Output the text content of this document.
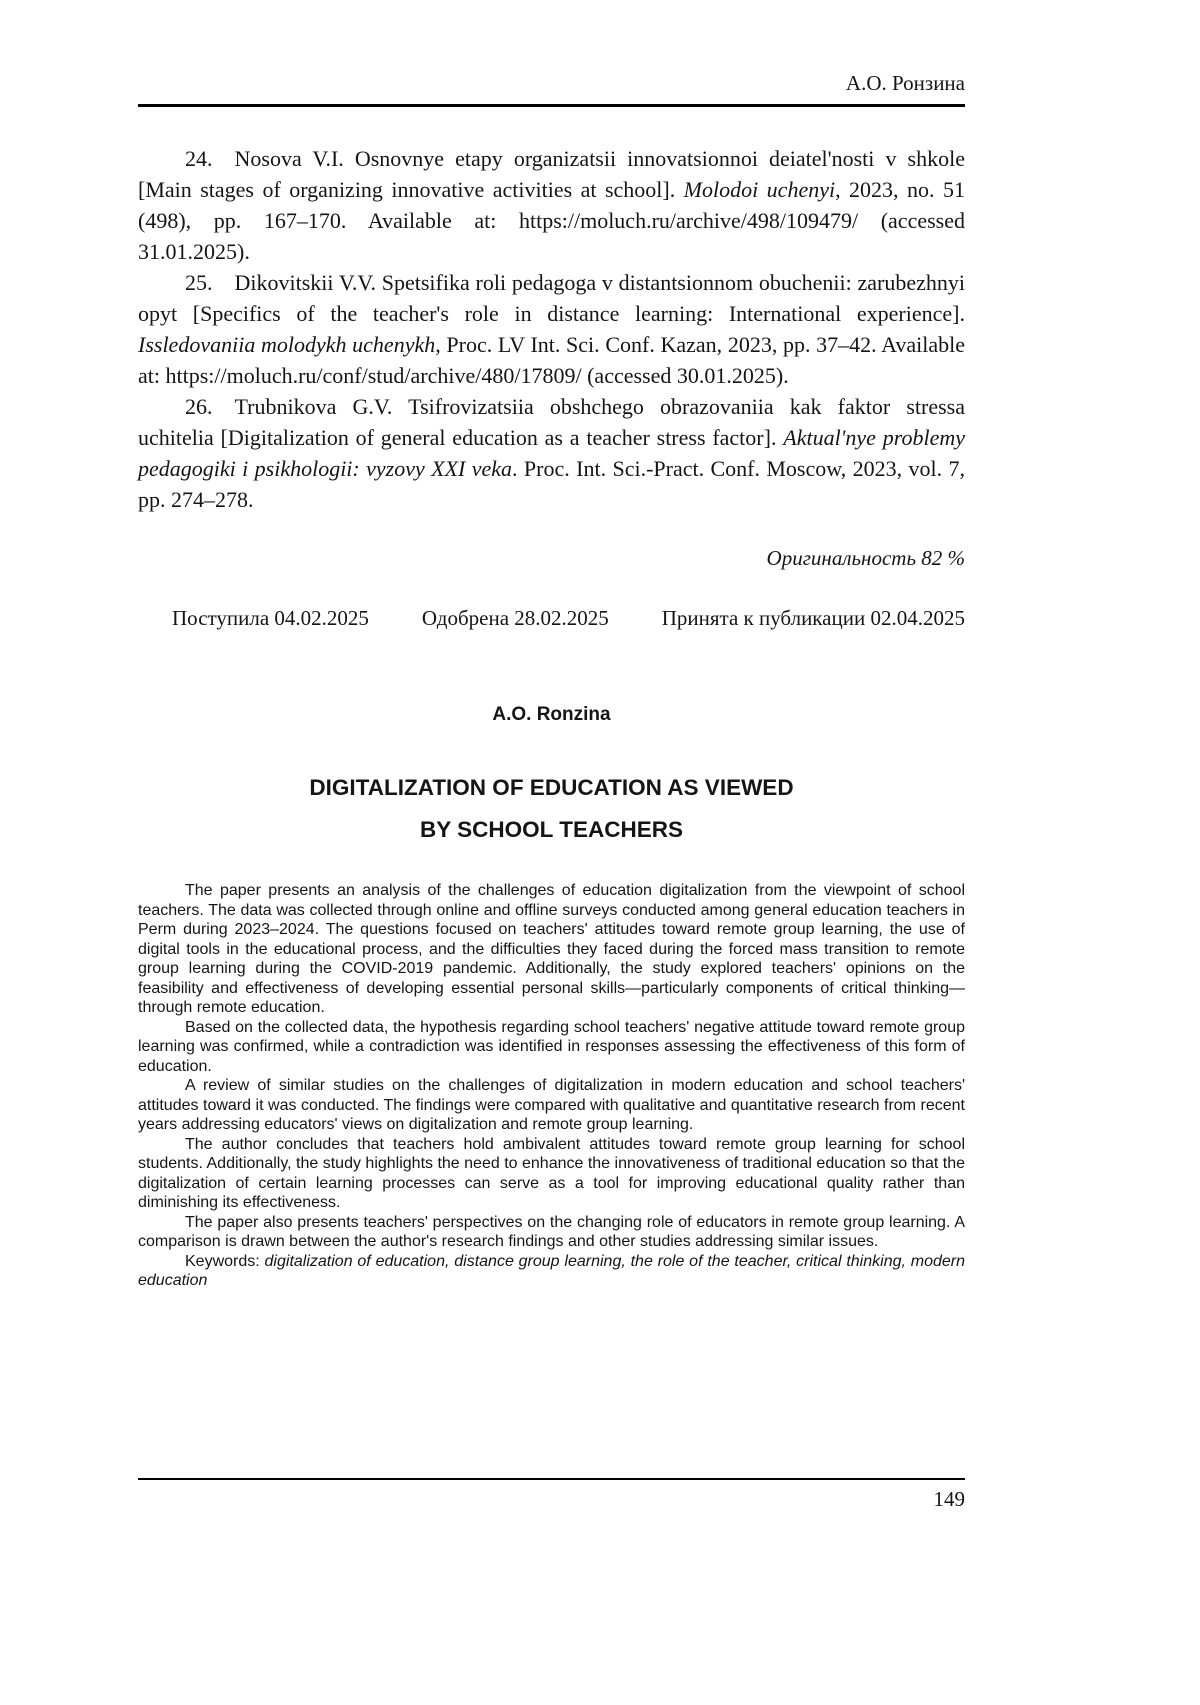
А.О. Ронзина

24. Nosova V.I. Osnovnye etapy organizatsii innovatsionnoi deiatel'nosti v shkole [Main stages of organizing innovative activities at school]. Molodoi uchenyi, 2023, no. 51 (498), pp. 167–170. Available at: https://moluch.ru/archive/498/109479/ (accessed 31.01.2025).

25. Dikovitskii V.V. Spetsifika roli pedagoga v distantsionnom obuchenii: zarubezhnyi opyt [Specifics of the teacher's role in distance learning: International experience]. Issledovaniia molodykh uchenykh, Proc. LV Int. Sci. Conf. Kazan, 2023, pp. 37–42. Available at: https://moluch.ru/conf/stud/archive/480/17809/ (accessed 30.01.2025).

26. Trubnikova G.V. Tsifrovizatsiia obshchego obrazovaniia kak faktor stressa uchitelia [Digitalization of general education as a teacher stress factor]. Aktual'nye problemy pedagogiki i psikhologii: vyzovy XXI veka. Proc. Int. Sci.-Pract. Conf. Moscow, 2023, vol. 7, pp. 274–278.

Оригинальность 82 %
Поступила 04.02.2025	Одобрена 28.02.2025	Принята к публикации 02.04.2025
A.O. Ronzina
DIGITALIZATION OF EDUCATION AS VIEWED
BY SCHOOL TEACHERS

The paper presents an analysis of the challenges of education digitalization from the viewpoint of school teachers. The data was collected through online and offline surveys conducted among general education teachers in Perm during 2023–2024. The questions focused on teachers' attitudes toward remote group learning, the use of digital tools in the educational process, and the difficulties they faced during the forced mass transition to remote group learning during the COVID-2019 pandemic. Additionally, the study explored teachers' opinions on the feasibility and effectiveness of developing essential personal skills—particularly components of critical thinking—through remote education.

Based on the collected data, the hypothesis regarding school teachers' negative attitude toward remote group learning was confirmed, while a contradiction was identified in responses assessing the effectiveness of this form of education.

A review of similar studies on the challenges of digitalization in modern education and school teachers' attitudes toward it was conducted. The findings were compared with qualitative and quantitative research from recent years addressing educators' views on digitalization and remote group learning.

The author concludes that teachers hold ambivalent attitudes toward remote group learning for school students. Additionally, the study highlights the need to enhance the innovativeness of traditional education so that the digitalization of certain learning processes can serve as a tool for improving educational quality rather than diminishing its effectiveness.

The paper also presents teachers' perspectives on the changing role of educators in remote group learning. A comparison is drawn between the author's research findings and other studies addressing similar issues.

Keywords: digitalization of education, distance group learning, the role of the teacher, critical thinking, modern education

149
